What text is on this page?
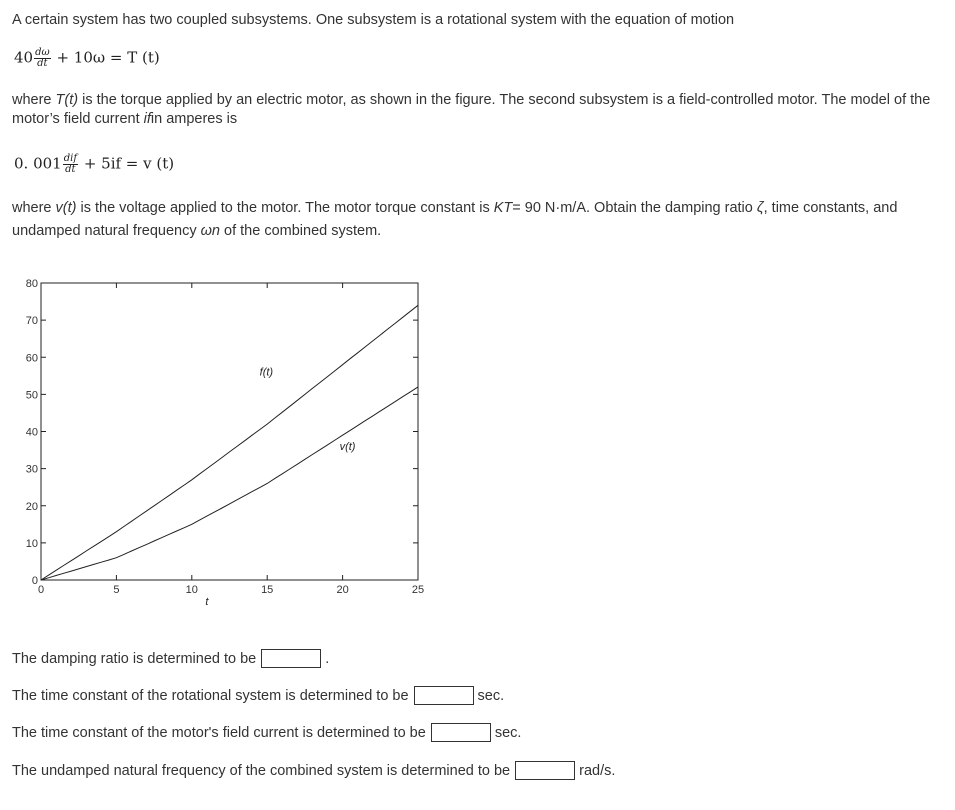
A certain system has two coupled subsystems. One subsystem is a rotational system with the equation of motion
$40 \frac{d\omega}{dt} + 10\omega = T$ (t)
where T(t) is the torque applied by an electric motor, as shown in the figure. The second subsystem is a field-controlled motor. The model of the motor’s field current ifin amperes is
0. $001 \frac{\text{dif}}{dt} + 5if = v$ (t)
where v(t) is the voltage applied to the motor. The motor torque constant is KT= 90 N·m/A. Obtain the damping ratio ζ, time constants, and undamped natural frequency ωn of the combined system.
0	5	10	15	20	25
0
10
20
30
40
50
60
70
80
t
f(t)
v(t)
The damping ratio is determined to be	.
The time constant of the rotational system is determined to be	sec.
The time constant of the motor's field current is determined to be	sec.
The undamped natural frequency of the combined system is determined to be	rad/s.
